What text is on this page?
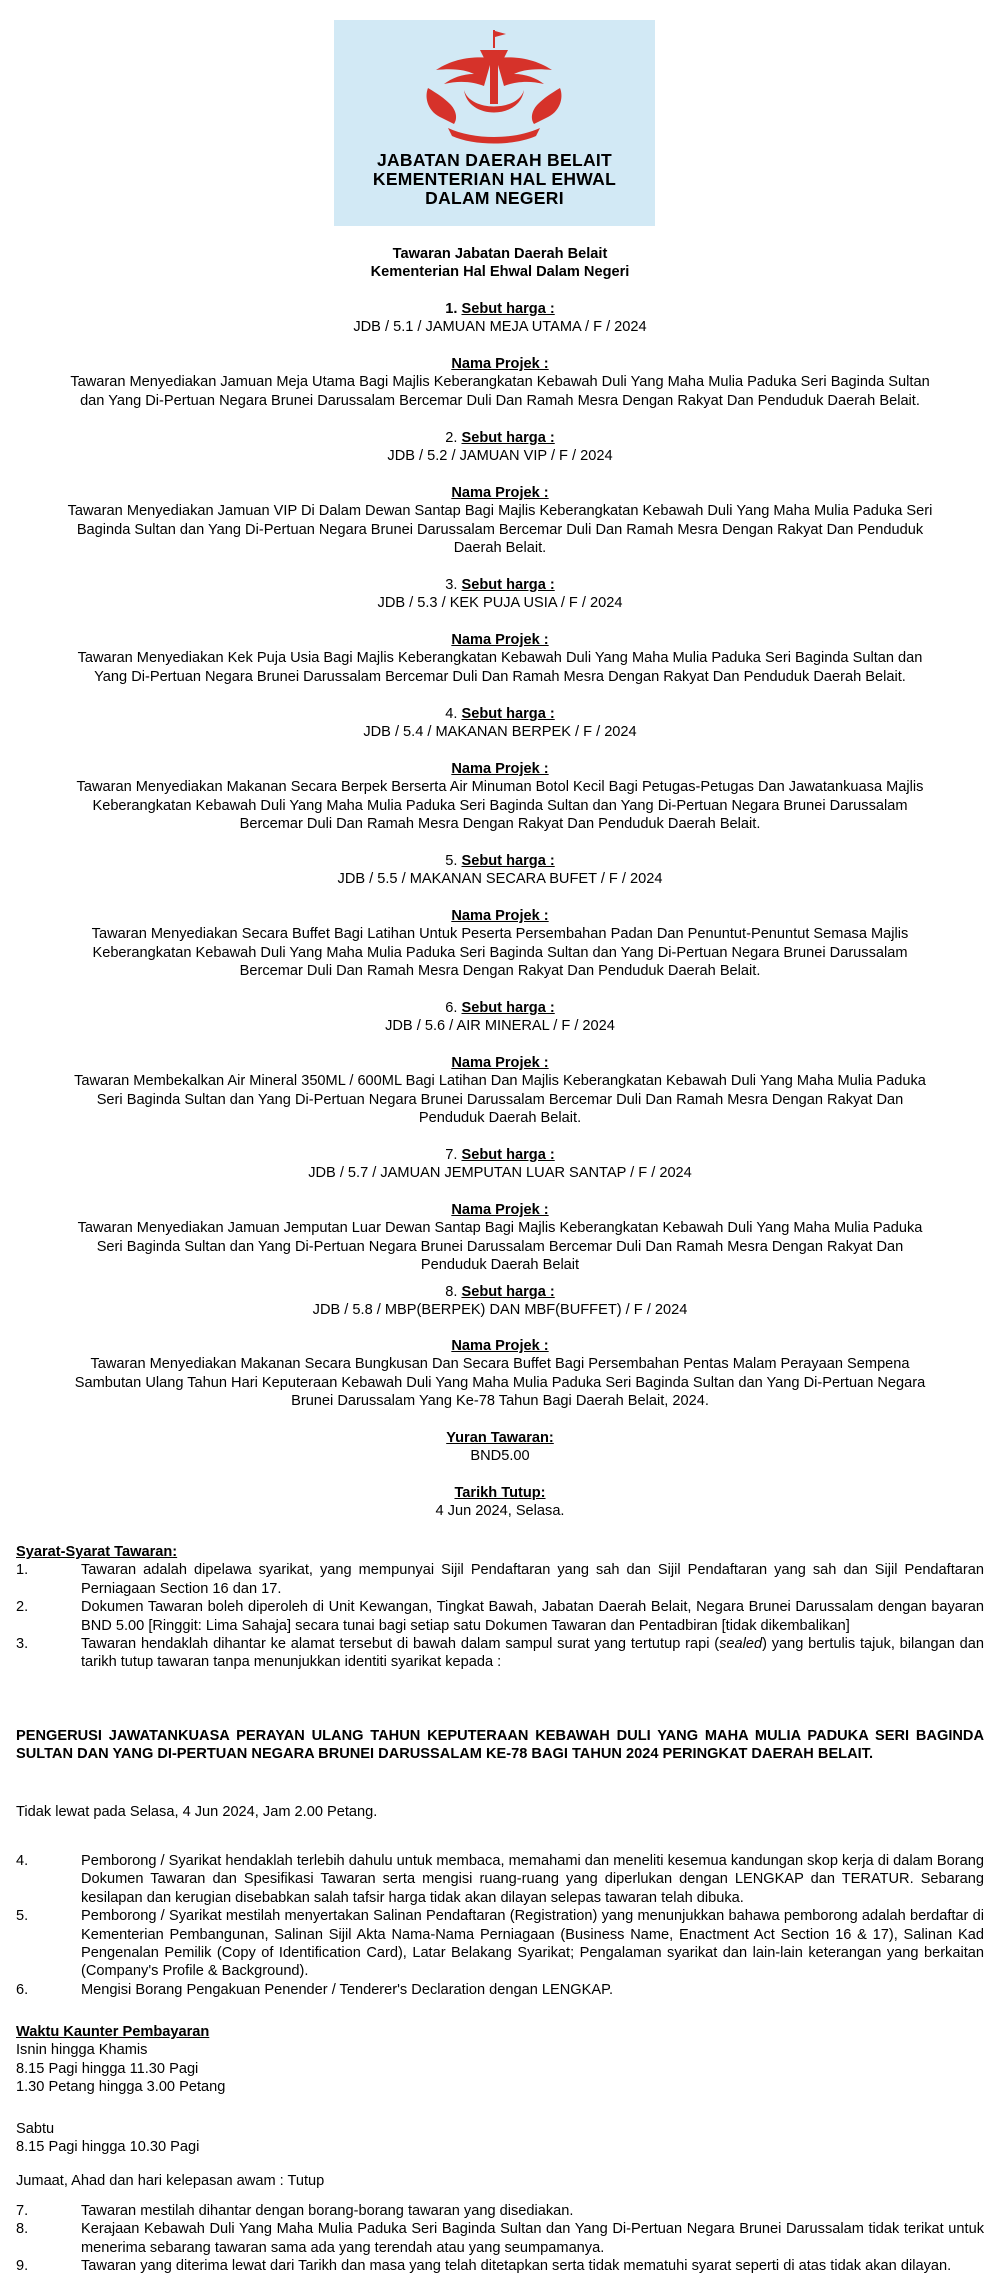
JABATAN DAERAH BELAIT
KEMENTERIAN HAL EHWAL
DALAM NEGERI
Tawaran Jabatan Daerah Belait
Kementerian Hal Ehwal Dalam Negeri
1. Sebut harga :
JDB / 5.1 / JAMUAN MEJA UTAMA / F / 2024
Nama Projek :
Tawaran Menyediakan Jamuan Meja Utama Bagi Majlis Keberangkatan Kebawah Duli Yang Maha Mulia Paduka Seri Baginda Sultan
dan Yang Di-Pertuan Negara Brunei Darussalam Bercemar Duli Dan Ramah Mesra Dengan Rakyat Dan Penduduk Daerah Belait.
2. Sebut harga :
JDB / 5.2 / JAMUAN VIP / F / 2024
Nama Projek :
Tawaran Menyediakan Jamuan VIP Di Dalam Dewan Santap Bagi Majlis Keberangkatan Kebawah Duli Yang Maha Mulia Paduka Seri
Baginda Sultan dan Yang Di-Pertuan Negara Brunei Darussalam Bercemar Duli Dan Ramah Mesra Dengan Rakyat Dan Penduduk
Daerah Belait.
3. Sebut harga :
JDB / 5.3 / KEK PUJA USIA / F / 2024
Nama Projek :
Tawaran Menyediakan Kek Puja Usia Bagi Majlis Keberangkatan Kebawah Duli Yang Maha Mulia Paduka Seri Baginda Sultan dan
Yang Di-Pertuan Negara Brunei Darussalam Bercemar Duli Dan Ramah Mesra Dengan Rakyat Dan Penduduk Daerah Belait.
4. Sebut harga :
JDB / 5.4 / MAKANAN BERPEK / F / 2024
Nama Projek :
Tawaran Menyediakan Makanan Secara Berpek Berserta Air Minuman Botol Kecil Bagi Petugas-Petugas Dan Jawatankuasa Majlis
Keberangkatan Kebawah Duli Yang Maha Mulia Paduka Seri Baginda Sultan dan Yang Di-Pertuan Negara Brunei Darussalam
Bercemar Duli Dan Ramah Mesra Dengan Rakyat Dan Penduduk Daerah Belait.
5. Sebut harga :
JDB / 5.5 / MAKANAN SECARA BUFET / F / 2024
Nama Projek :
Tawaran Menyediakan Secara Buffet Bagi Latihan Untuk Peserta Persembahan Padan Dan Penuntut-Penuntut Semasa Majlis
Keberangkatan Kebawah Duli Yang Maha Mulia Paduka Seri Baginda Sultan dan Yang Di-Pertuan Negara Brunei Darussalam
Bercemar Duli Dan Ramah Mesra Dengan Rakyat Dan Penduduk Daerah Belait.
6. Sebut harga :
JDB / 5.6 / AIR MINERAL / F / 2024
Nama Projek :
Tawaran Membekalkan Air Mineral 350ML / 600ML Bagi Latihan Dan Majlis Keberangkatan Kebawah Duli Yang Maha Mulia Paduka
Seri Baginda Sultan dan Yang Di-Pertuan Negara Brunei Darussalam Bercemar Duli Dan Ramah Mesra Dengan Rakyat Dan
Penduduk Daerah Belait.
7. Sebut harga :
JDB / 5.7 / JAMUAN JEMPUTAN LUAR SANTAP / F / 2024
Nama Projek :
Tawaran Menyediakan Jamuan Jemputan Luar Dewan Santap Bagi Majlis Keberangkatan Kebawah Duli Yang Maha Mulia Paduka
Seri Baginda Sultan dan Yang Di-Pertuan Negara Brunei Darussalam Bercemar Duli Dan Ramah Mesra Dengan Rakyat Dan
Penduduk Daerah Belait
8. Sebut harga :
JDB / 5.8 / MBP(BERPEK) DAN MBF(BUFFET) / F / 2024
Nama Projek :
Tawaran Menyediakan Makanan Secara Bungkusan Dan Secara Buffet Bagi Persembahan Pentas Malam Perayaan Sempena
Sambutan Ulang Tahun Hari Keputeraan Kebawah Duli Yang Maha Mulia Paduka Seri Baginda Sultan dan Yang Di-Pertuan Negara
Brunei Darussalam Yang Ke-78 Tahun Bagi Daerah Belait, 2024.
Yuran Tawaran:
BND5.00
Tarikh Tutup:
4 Jun 2024, Selasa.
Syarat-Syarat Tawaran:
1.	Tawaran adalah dipelawa syarikat, yang mempunyai Sijil Pendaftaran yang sah dan Sijil Pendaftaran yang sah dan Sijil Pendaftaran Perniagaan Section 16 dan 17.
2.	Dokumen Tawaran boleh diperoleh di Unit Kewangan, Tingkat Bawah, Jabatan Daerah Belait, Negara Brunei Darussalam dengan bayaran BND 5.00 [Ringgit: Lima Sahaja] secara tunai bagi setiap satu Dokumen Tawaran dan Pentadbiran [tidak dikembalikan]
3.	Tawaran hendaklah dihantar ke alamat tersebut di bawah dalam sampul surat yang tertutup rapi (sealed) yang bertulis tajuk, bilangan dan tarikh tutup tawaran tanpa menunjukkan identiti syarikat kepada :
PENGERUSI JAWATANKUASA PERAYAN ULANG TAHUN KEPUTERAAN KEBAWAH DULI YANG MAHA MULIA PADUKA SERI BAGINDA SULTAN DAN YANG DI-PERTUAN NEGARA BRUNEI DARUSSALAM KE-78 BAGI TAHUN 2024 PERINGKAT DAERAH BELAIT.
Tidak lewat pada Selasa, 4 Jun 2024, Jam 2.00 Petang.
4.	Pemborong / Syarikat hendaklah terlebih dahulu untuk membaca, memahami dan meneliti kesemua kandungan skop kerja di dalam Borang Dokumen Tawaran dan Spesifikasi Tawaran serta mengisi ruang-ruang yang diperlukan dengan LENGKAP dan TERATUR. Sebarang kesilapan dan kerugian disebabkan salah tafsir harga tidak akan dilayan selepas tawaran telah dibuka.
5.	Pemborong / Syarikat mestilah menyertakan Salinan Pendaftaran (Registration) yang menunjukkan bahawa pemborong adalah berdaftar di Kementerian Pembangunan, Salinan Sijil Akta Nama-Nama Perniagaan (Business Name, Enactment Act Section 16 & 17), Salinan Kad Pengenalan Pemilik (Copy of Identification Card), Latar Belakang Syarikat; Pengalaman syarikat dan lain-lain keterangan yang berkaitan (Company's Profile & Background).
6.	Mengisi Borang Pengakuan Penender / Tenderer's Declaration dengan LENGKAP.
Waktu Kaunter Pembayaran
Isnin hingga Khamis
8.15 Pagi hingga 11.30 Pagi
1.30 Petang hingga 3.00 Petang
Sabtu
8.15 Pagi hingga 10.30 Pagi
Jumaat, Ahad dan hari kelepasan awam : Tutup
7.	Tawaran mestilah dihantar dengan borang-borang tawaran yang disediakan.
8.	Kerajaan Kebawah Duli Yang Maha Mulia Paduka Seri Baginda Sultan dan Yang Di-Pertuan Negara Brunei Darussalam tidak terikat untuk menerima sebarang tawaran sama ada yang terendah atau yang seumpamanya.
9.	Tawaran yang diterima lewat dari Tarikh dan masa yang telah ditetapkan serta tidak mematuhi syarat seperti di atas tidak akan dilayan.
